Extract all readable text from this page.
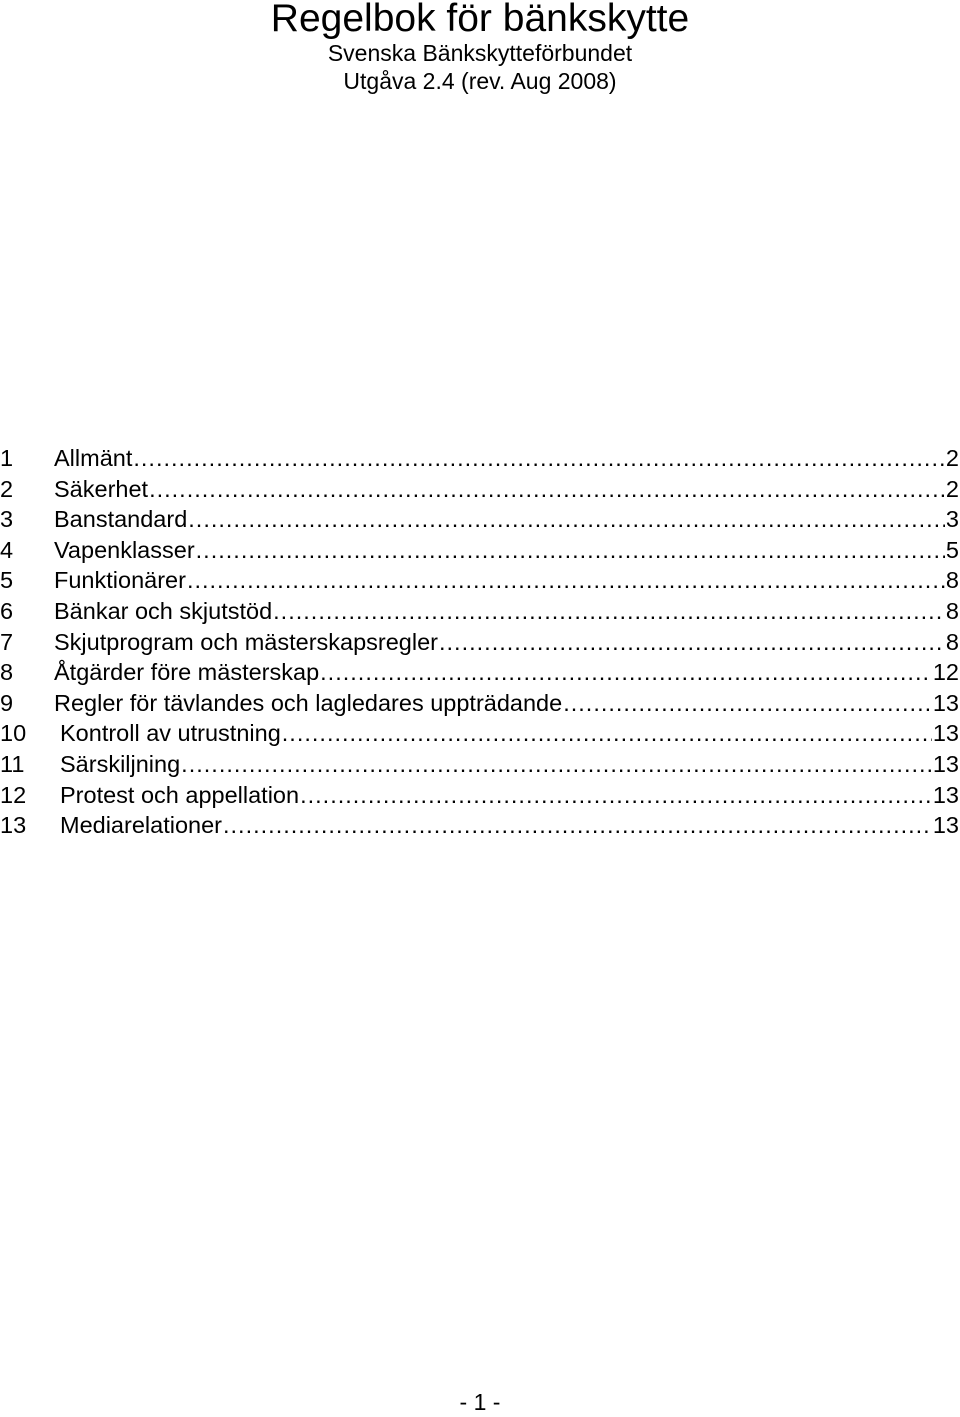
Regelbok för bänkskytte
Svenska Bänkskytteförbundet
Utgåva 2.4 (rev. Aug 2008)
1	Allmänt .....	2
2	Säkerhet .....	2
3	Banstandard .....	3
4	Vapenklasser .....	5
5	Funktionärer .....	8
6	Bänkar och skjutstöd .....	8
7	Skjutprogram och mästerskapsregler .....	8
8	Åtgärder före mästerskap .....	12
9	Regler för tävlandes och lagledares uppträdande .....	13
10	Kontroll av utrustning .....	13
11	Särskiljning .....	13
12	Protest och appellation .....	13
13	Mediarelationer .....	13
- 1 -
